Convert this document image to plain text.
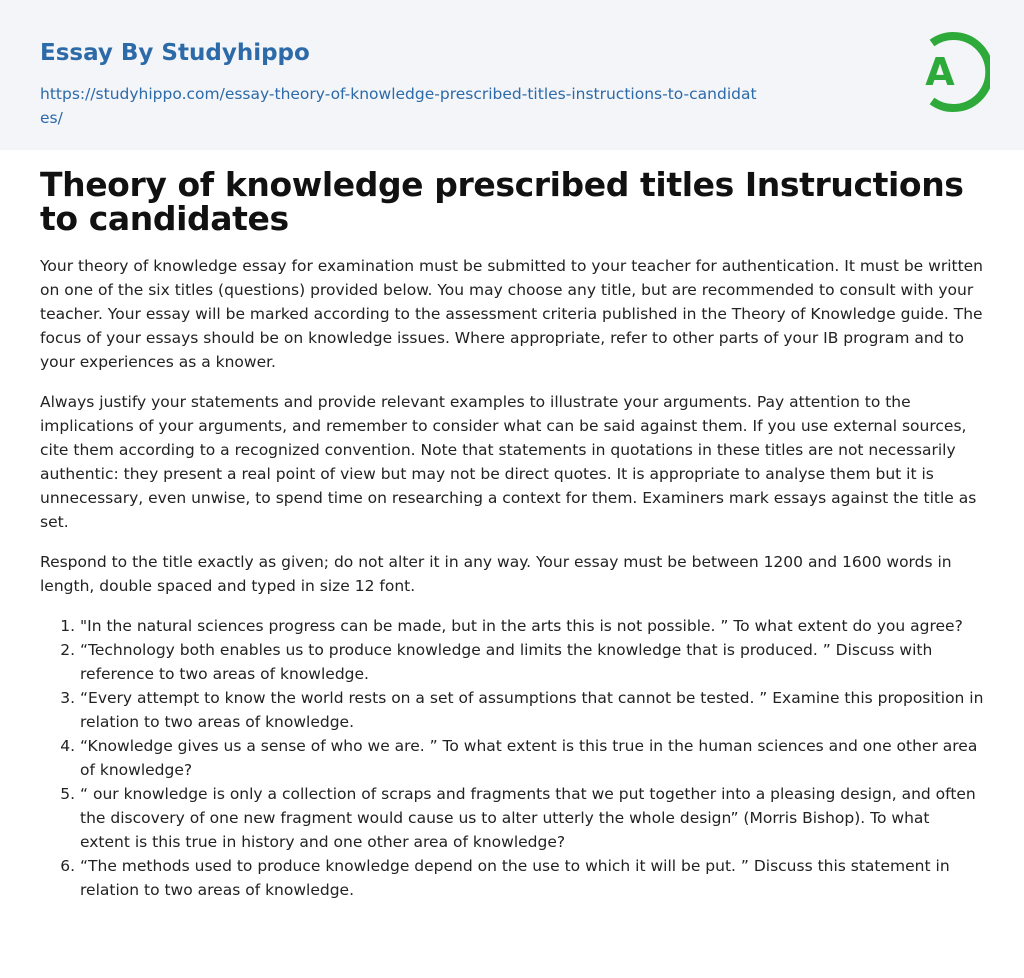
Essay By Studyhippo
https://studyhippo.com/essay-theory-of-knowledge-prescribed-titles-instructions-to-candidates/
A
Theory of knowledge prescribed titles Instructions to candidates

Your theory of knowledge essay for examination must be submitted to your teacher for authentication. It must be written on one of the six titles (questions) provided below. You may choose any title, but are recommended to consult with your teacher. Your essay will be marked according to the assessment criteria published in the Theory of Knowledge guide. The focus of your essays should be on knowledge issues. Where appropriate, refer to other parts of your IB program and to your experiences as a knower.

Always justify your statements and provide relevant examples to illustrate your arguments. Pay attention to the implications of your arguments, and remember to consider what can be said against them. If you use external sources, cite them according to a recognized convention. Note that statements in quotations in these titles are not necessarily authentic: they present a real point of view but may not be direct quotes. It is appropriate to analyse them but it is unnecessary, even unwise, to spend time on researching a context for them. Examiners mark essays against the title as set.

Respond to the title exactly as given; do not alter it in any way. Your essay must be between 1200 and 1600 words in length, double spaced and typed in size 12 font.

1. "In the natural sciences progress can be made, but in the arts this is not possible. ” To what extent do you agree?
2. “Technology both enables us to produce knowledge and limits the knowledge that is produced. ” Discuss with reference to two areas of knowledge.
3. “Every attempt to know the world rests on a set of assumptions that cannot be tested. ” Examine this proposition in relation to two areas of knowledge.
4. “Knowledge gives us a sense of who we are. ” To what extent is this true in the human sciences and one other area of knowledge?
5. “ our knowledge is only a collection of scraps and fragments that we put together into a pleasing design, and often the discovery of one new fragment would cause us to alter utterly the whole design” (Morris Bishop). To what extent is this true in history and one other area of knowledge?
6. “The methods used to produce knowledge depend on the use to which it will be put. ” Discuss this statement in relation to two areas of knowledge.
